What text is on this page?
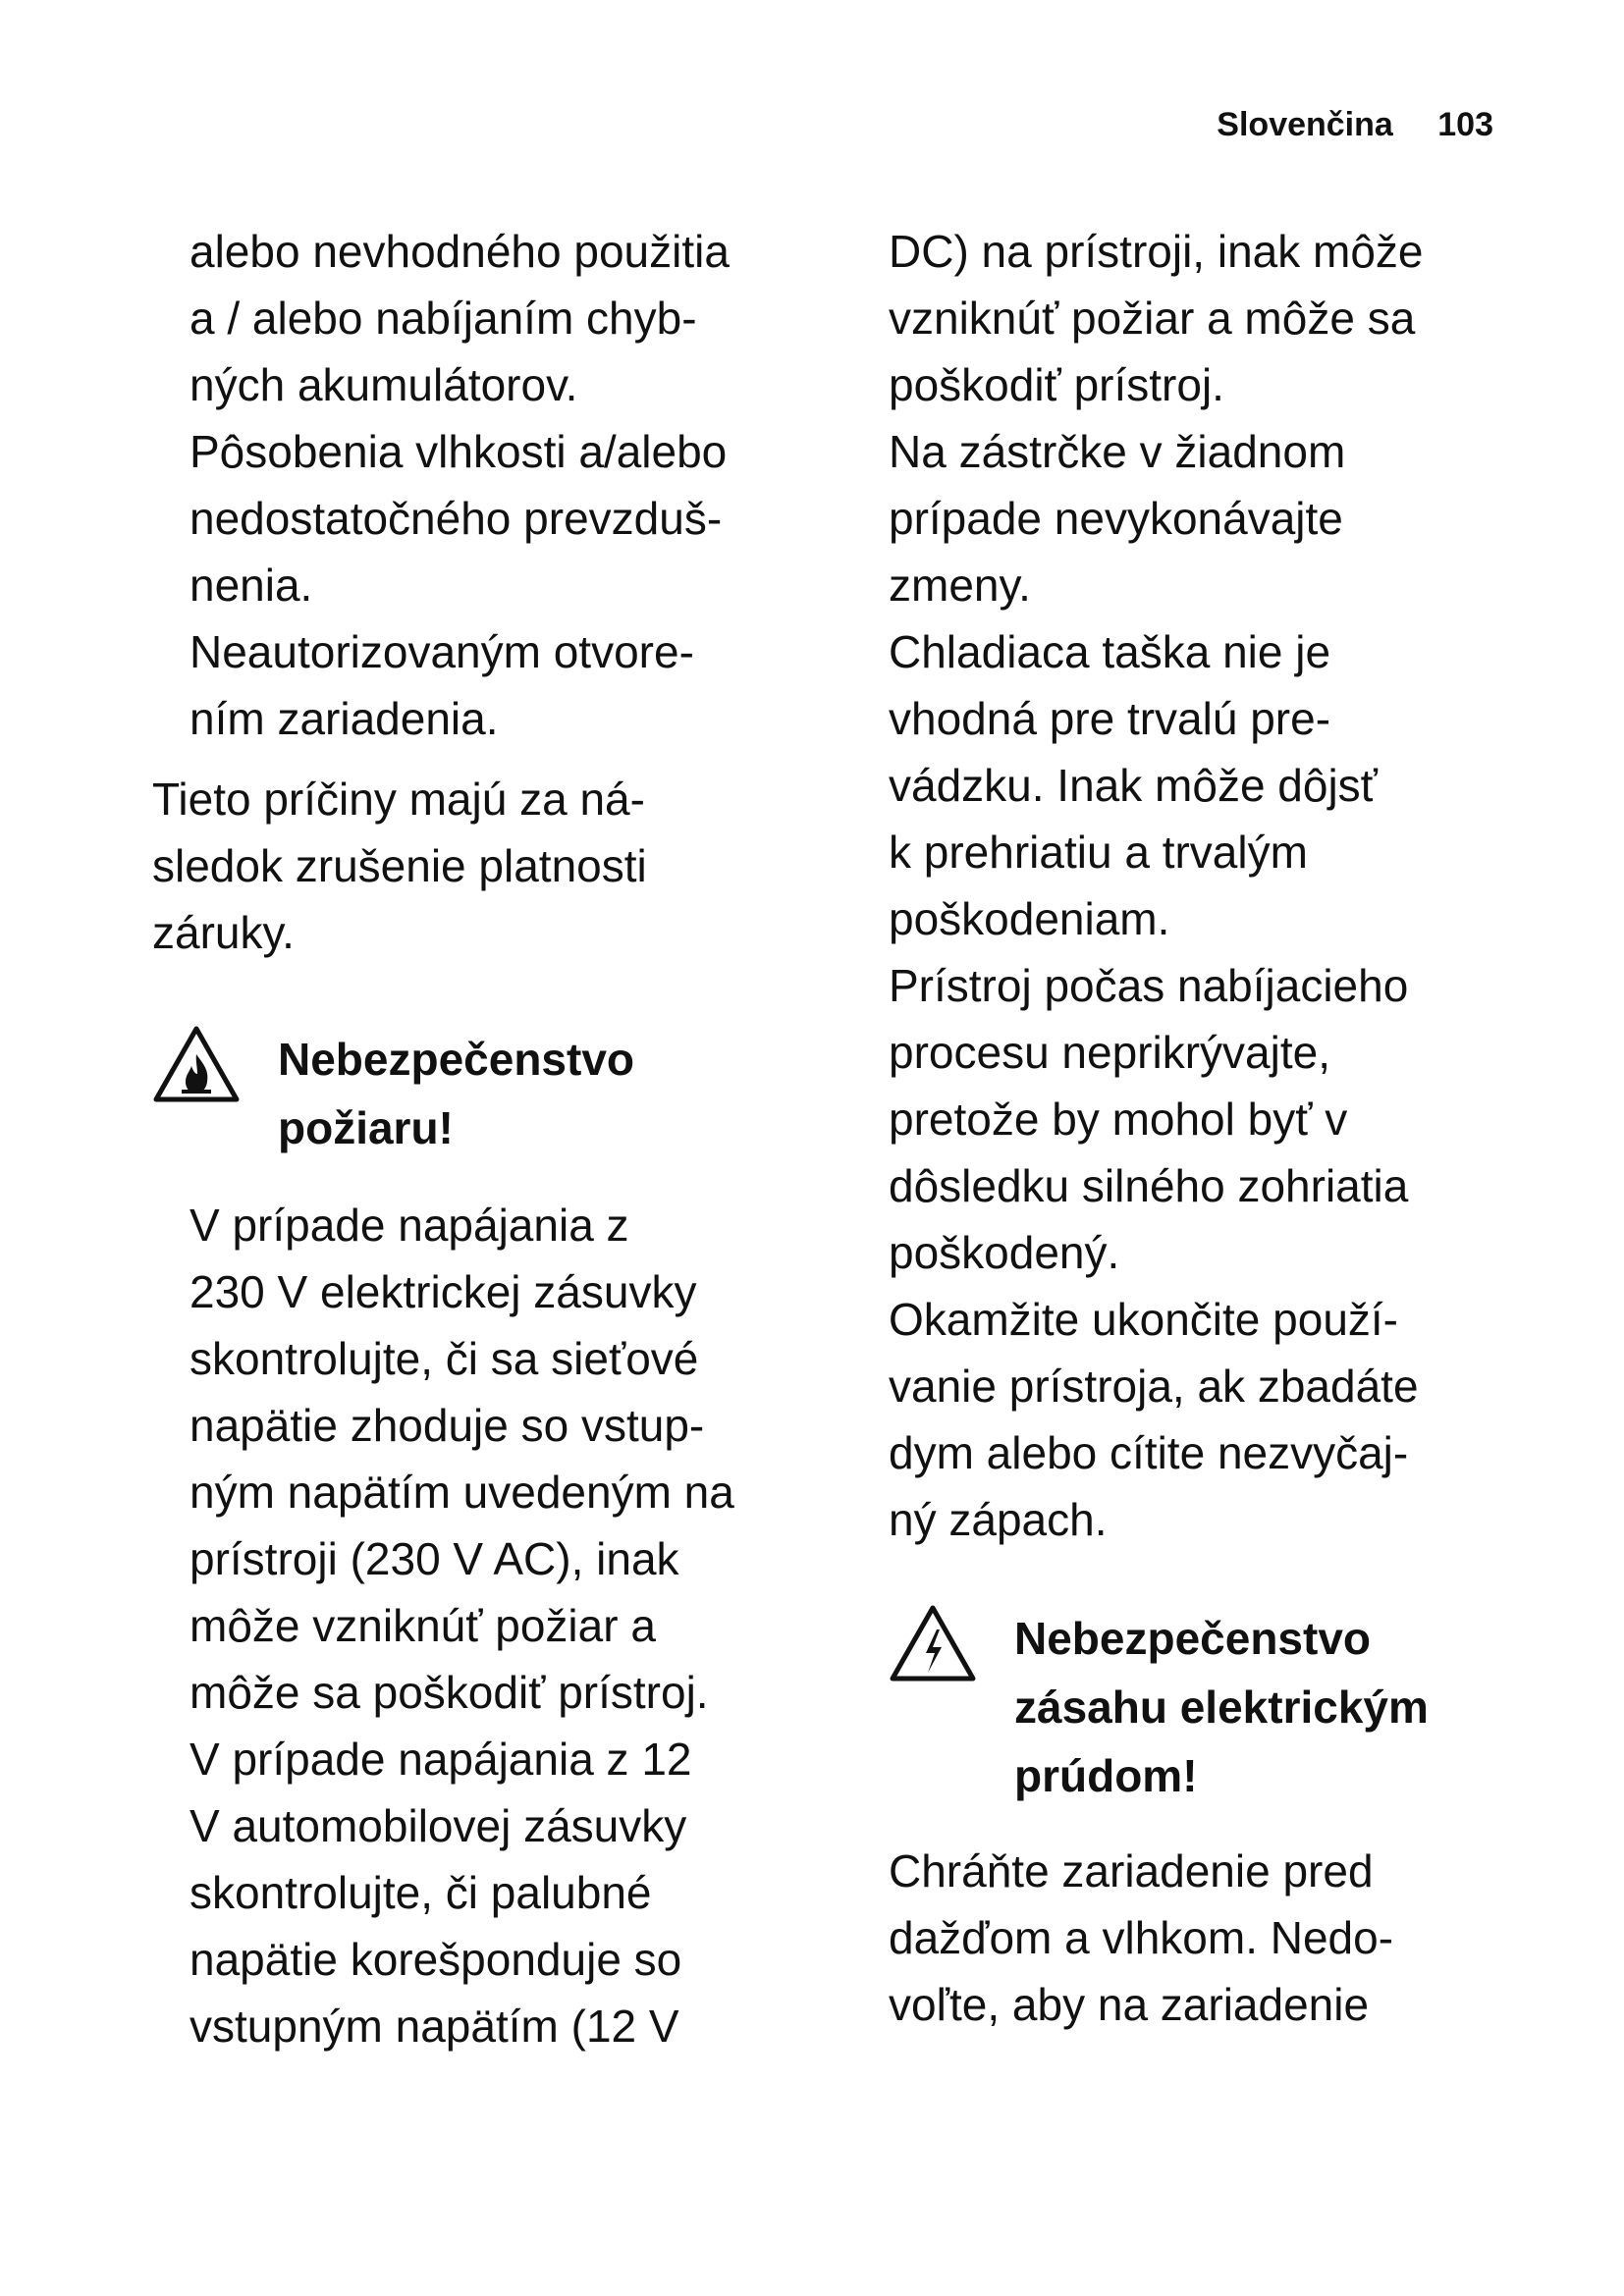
Slovenčina 103
alebo nevhodného použitia
a / alebo nabíjaním chyb-
ných akumulátorov.
Pôsobenia vlhkosti a/alebo
nedostatočného prevzduš-
nenia.
Neautorizovaným otvore-
ním zariadenia.
Tieto príčiny majú za ná-
sledok zrušenie platnosti
záruky.
Nebezpečenstvo
požiaru!
V prípade napájania z
230 V elektrickej zásuvky
skontrolujte, či sa sieťové
napätie zhoduje so vstup-
ným napätím uvedeným na
prístroji (230 V AC), inak
môže vzniknúť požiar a
môže sa poškodiť prístroj.
V prípade napájania z 12
V automobilovej zásuvky
skontrolujte, či palubné
napätie korešponduje so
vstupným napätím (12 V
DC) na prístroji, inak môže
vzniknúť požiar a môže sa
poškodiť prístroj.
Na zástrčke v žiadnom
prípade nevykonávajte
zmeny.
Chladiaca taška nie je
vhodná pre trvalú pre-
vádzku. Inak môže dôjsť
k prehriatiu a trvalým
poškodeniam.
Prístroj počas nabíjacieho
procesu neprikrývajte,
pretože by mohol byť v
dôsledku silného zohriatia
poškodený.
Okamžite ukončite použí-
vanie prístroja, ak zbadáte
dym alebo cítite nezvyčaj-
ný zápach.
Nebezpečenstvo
zásahu elektrickým
prúdom!
Chráňte zariadenie pred
dažďom a vlhkom. Nedo-
voľte, aby na zariadenie
